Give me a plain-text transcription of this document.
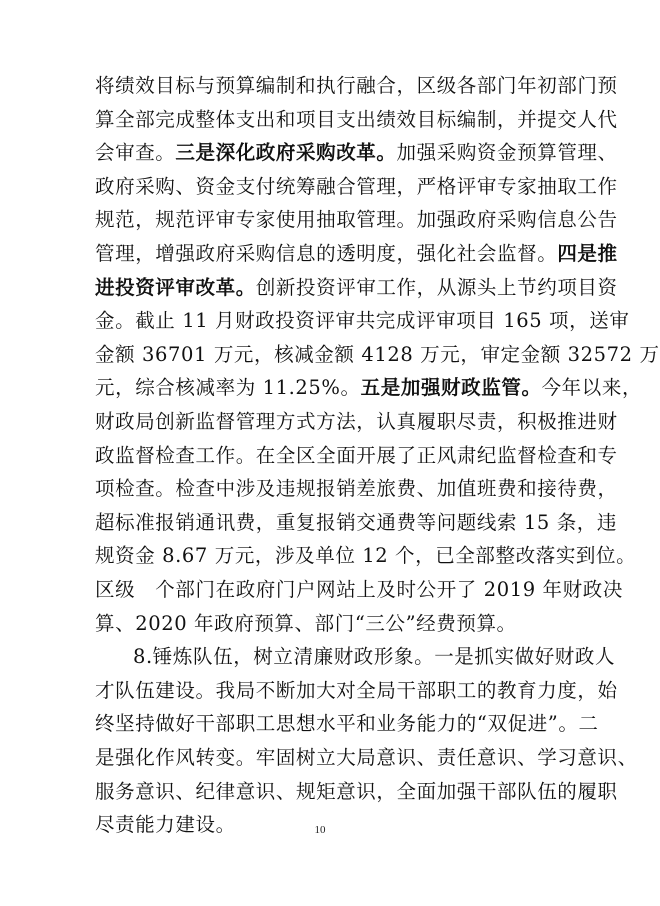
将绩效目标与预算编制和执行融合，区级各部门年初部门预
算全部完成整体支出和项目支出绩效目标编制，并提交人代
会审查。三是深化政府采购改革。加强采购资金预算管理、
政府采购、资金支付统筹融合管理，严格评审专家抽取工作
规范，规范评审专家使用抽取管理。加强政府采购信息公告
管理，增强政府采购信息的透明度，强化社会监督。四是推
进投资评审改革。创新投资评审工作，从源头上节约项目资
金。截止 11 月财政投资评审共完成评审项目 165 项，送审
金额 36701 万元，核减金额 4128 万元，审定金额 32572 万
元，综合核减率为 11.25%。五是加强财政监管。今年以来，
财政局创新监督管理方式方法，认真履职尽责，积极推进财
政监督检查工作。在全区全面开展了正风肃纪监督检查和专
项检查。检查中涉及违规报销差旅费、加值班费和接待费，
超标准报销通讯费，重复报销交通费等问题线索 15 条，违
规资金 8.67 万元，涉及单位 12 个，已全部整改落实到位。
区级　个部门在政府门户网站上及时公开了 2019 年财政决
算、2020 年政府预算、部门“三公”经费预算。
8.锤炼队伍，树立清廉财政形象。一是抓实做好财政人
才队伍建设。我局不断加大对全局干部职工的教育力度，始
终坚持做好干部职工思想水平和业务能力的“双促进”。二
是强化作风转变。牢固树立大局意识、责任意识、学习意识、
服务意识、纪律意识、规矩意识，全面加强干部队伍的履职
尽责能力建设。	10
